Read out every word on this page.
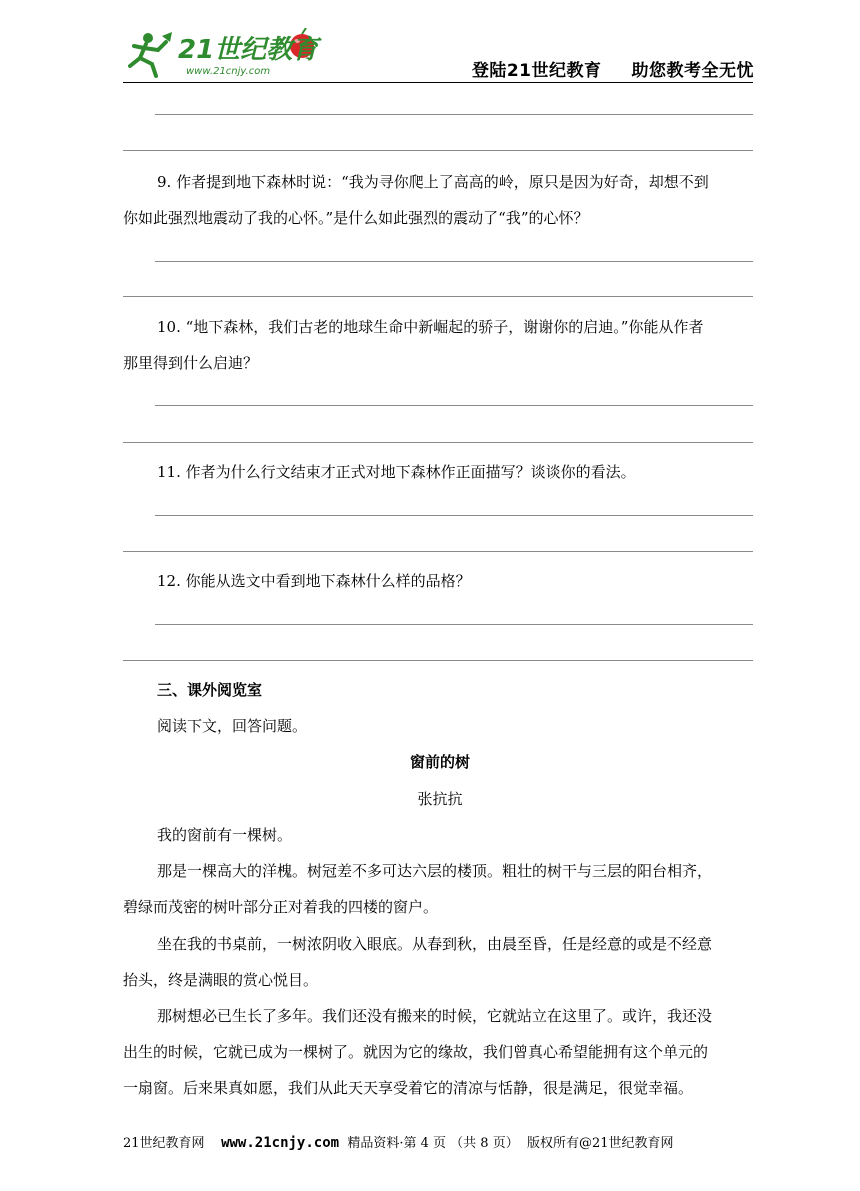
21世纪教育
www.21cnjy.com	登陆21世纪教育 助您教考全无忧
9. 作者提到地下森林时说：“我为寻你爬上了高高的岭，原只是因为好奇，却想不到
你如此强烈地震动了我的心怀。”是什么如此强烈的震动了“我”的心怀？
10. “地下森林，我们古老的地球生命中新崛起的骄子，谢谢你的启迪。”你能从作者
那里得到什么启迪？
11. 作者为什么行文结束才正式对地下森林作正面描写？谈谈你的看法。
12. 你能从选文中看到地下森林什么样的品格？
三、课外阅览室
阅读下文，回答问题。
窗前的树
张抗抗
我的窗前有一棵树。
那是一棵高大的洋槐。树冠差不多可达六层的楼顶。粗壮的树干与三层的阳台相齐，
碧绿而茂密的树叶部分正对着我的四楼的窗户。
坐在我的书桌前，一树浓阴收入眼底。从春到秋，由晨至昏，任是经意的或是不经意
抬头，终是满眼的赏心悦目。
那树想必已生长了多年。我们还没有搬来的时候，它就站立在这里了。或许，我还没
出生的时候，它就已成为一棵树了。就因为它的缘故，我们曾真心希望能拥有这个单元的
一扇窗。后来果真如愿，我们从此天天享受着它的清凉与恬静，很是满足，很觉幸福。
21世纪教育网 www.21cnjy.com 精品资料·第 4 页 （共 8 页） 版权所有@21世纪教育网
